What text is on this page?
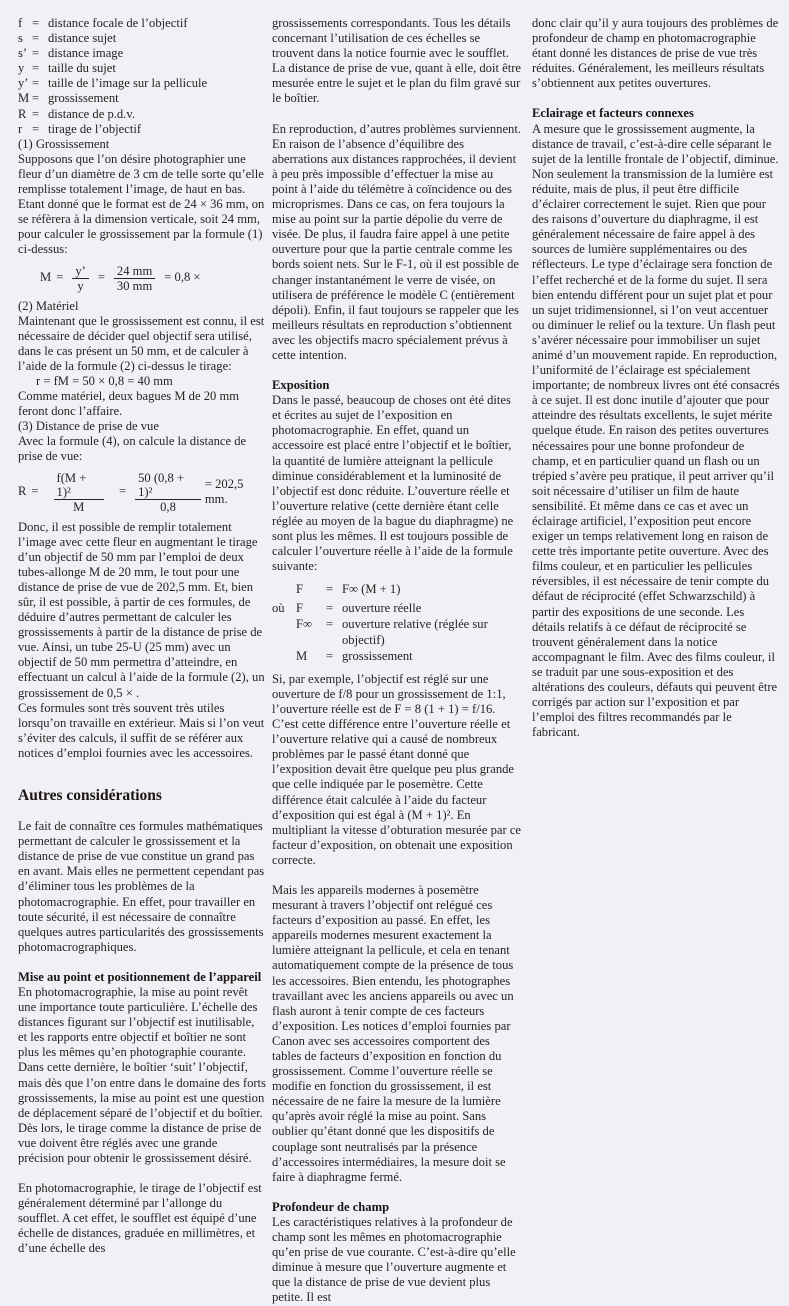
f = distance focale de l’objectif
s = distance sujet
s’ = distance image
y = taille du sujet
y’ = taille de l’image sur la pellicule
M = grossissement
R = distance de p.d.v.
r = tirage de l’objectif

(1) Grossissement

Supposons que l’on désire photographier une fleur d’un diamètre de 3 cm de telle sorte qu’elle remplisse totalement l’image, de haut en bas. Etant donné que le format est de 24 × 36 mm, on se réfèrera à la dimension verticale, soit 24 mm, pour calculer le grossissement par la formule (1) ci-dessus:

$M = \frac{y’}{y} = \frac{24 mm}{30 mm} = 0,8$ ×

(2) Matériel

Maintenant que le grossissement est connu, il est nécessaire de décider quel objectif sera utilisé, dans le cas présent un 50 mm, et de calculer à l’aide de la formule (2) ci-dessus le tirage:

r = fM = 50 × 0,8 = 40 mm

Comme matériel, deux bagues M de 20 mm feront donc l’affaire.

(3) Distance de prise de vue

Avec la formule (4), on calcule la distance de prise de vue:

$R = \frac{\text{f(M + 1)²}}{M} = \frac{\text{50 (0,8 + 1)²}}{0,8} = 202,5$ mm.

Donc, il est possible de remplir totalement l’image avec cette fleur en augmentant le tirage d’un objectif de 50 mm par l’emploi de deux tubes-allonge M de 20 mm, le tout pour une distance de prise de vue de 202,5 mm. Et, bien sûr, il est possible, à partir de ces formules, de déduire d’autres permettant de calculer les grossissements à partir de la distance de prise de vue. Ainsi, un tube 25-U (25 mm) avec un objectif de 50 mm permettra d’atteindre, en effectuant un calcul à l’aide de la formule (2), un grossissement de 0,5 × .

Ces formules sont très souvent très utiles lorsqu’on travaille en extérieur. Mais si l’on veut s’éviter des calculs, il suffit de se référer aux notices d’emploi fournies avec les accessoires.

Autres considérations

Le fait de connaître ces formules mathématiques permettant de calculer le grossissement et la distance de prise de vue constitue un grand pas en avant. Mais elles ne permettent cependant pas d’éliminer tous les problèmes de la photomacrographie. En effet, pour travailler en toute sécurité, il est nécessaire de connaître quelques autres particularités des grossissements photomacrographiques.

Mise au point et positionnement de l’appareil

En photomacrographie, la mise au point revêt une importance toute particulière. L’échelle des distances figurant sur l’objectif est inutilisable, et les rapports entre objectif et boîtier ne sont plus les mêmes qu’en photographie courante. Dans cette dernière, le boîtier ‘suit’ l’objectif, mais dès que l’on entre dans le domaine des forts grossissements, la mise au point est une question de déplacement séparé de l’objectif et du boîtier. Dès lors, le tirage comme la distance de prise de vue doivent être réglés avec une grande précision pour obtenir le grossissement désiré.

En photomacrographie, le tirage de l’objectif est généralement déterminé par l’allonge du soufflet. A cet effet, le soufflet est équipé d’une échelle de distances, graduée en millimètres, et d’une échelle des

grossissements correspondants. Tous les détails concernant l’utilisation de ces échelles se trouvent dans la notice fournie avec le soufflet. La distance de prise de vue, quant à elle, doit être mesurée entre le sujet et le plan du film gravé sur le boîtier.

En reproduction, d’autres problèmes surviennent. En raison de l’absence d’équilibre des aberrations aux distances rapprochées, il devient à peu près impossible d’effectuer la mise au point à l’aide du télémètre à coïncidence ou des microprismes. Dans ce cas, on fera toujours la mise au point sur la partie dépolie du verre de visée. De plus, il faudra faire appel à une petite ouverture pour que la partie centrale comme les bords soient nets. Sur le F-1, où il est possible de changer instantanément le verre de visée, on utilisera de préférence le modèle C (entièrement dépoli). Enfin, il faut toujours se rappeler que les meilleurs résultats en reproduction s’obtiennent avec les objectifs macro spécialement prévus à cette intention.

Exposition

Dans le passé, beaucoup de choses ont été dites et écrites au sujet de l’exposition en photomacrographie. En effet, quand un accessoire est placé entre l’objectif et le boîtier, la quantité de lumière atteignant la pellicule diminue considérablement et la luminosité de l’objectif est donc réduite. L’ouverture réelle et l’ouverture relative (cette dernière étant celle réglée au moyen de la bague du diaphragme) ne sont plus les mêmes. Il est toujours possible de calculer l’ouverture réelle à l’aide de la formule suivante:

F	= F∞ (M + 1)
où F	= ouverture réelle
F∞	= ouverture relative (réglée sur objectif)
M	= grossissement

Si, par exemple, l’objectif est réglé sur une ouverture de f/8 pour un grossissement de 1:1, l’ouverture réelle est de F = 8 (1 + 1) = f/16.

C’est cette différence entre l’ouverture réelle et l’ouverture relative qui a causé de nombreux problèmes par le passé étant donné que l’exposition devait être quelque peu plus grande que celle indiquée par le posemètre. Cette différence était calculée à l’aide du facteur d’exposition qui est égal à (M + 1)². En multipliant la vitesse d’obturation mesurée par ce facteur d’exposition, on obtenait une exposition correcte.

Mais les appareils modernes à posemètre mesurant à travers l’objectif ont relégué ces facteurs d’exposition au passé. En effet, les appareils modernes mesurent exactement la lumière atteignant la pellicule, et cela en tenant automatiquement compte de la présence de tous les accessoires. Bien entendu, les photographes travaillant avec les anciens appareils ou avec un flash auront à tenir compte de ces facteurs d’exposition. Les notices d’emploi fournies par Canon avec ses accessoires comportent des tables de facteurs d’exposition en fonction du grossissement. Comme l’ouverture réelle se modifie en fonction du grossissement, il est nécessaire de ne faire la mesure de la lumière qu’après avoir réglé la mise au point. Sans oublier qu’étant donné que les dispositifs de couplage sont neutralisés par la présence d’accessoires intermédiaires, la mesure doit se faire à diaphragme fermé.

Profondeur de champ

Les caractéristiques relatives à la profondeur de champ sont les mêmes en photomacrographie qu’en prise de vue courante. C’est-à-dire qu’elle diminue à mesure que l’ouverture augmente et que la distance de prise de vue devient plus petite. Il est

donc clair qu’il y aura toujours des problèmes de profondeur de champ en photomacrographie étant donné les distances de prise de vue très réduites. Généralement, les meilleurs résultats s’obtiennent aux petites ouvertures.

Eclairage et facteurs connexes

A mesure que le grossissement augmente, la distance de travail, c’est-à-dire celle séparant le sujet de la lentille frontale de l’objectif, diminue. Non seulement la transmission de la lumière est réduite, mais de plus, il peut être difficile d’éclairer correctement le sujet. Rien que pour des raisons d’ouverture du diaphragme, il est généralement nécessaire de faire appel à des sources de lumière supplémentaires ou des réflecteurs. Le type d’éclairage sera fonction de l’effet recherché et de la forme du sujet. Il sera bien entendu différent pour un sujet plat et pour un sujet tridimensionnel, si l’on veut accentuer ou diminuer le relief ou la texture. Un flash peut s’avérer nécessaire pour immobiliser un sujet animé d’un mouvement rapide. En reproduction, l’uniformité de l’éclairage est spécialement importante; de nombreux livres ont été consacrés à ce sujet. Il est donc inutile d’ajouter que pour atteindre des résultats excellents, le sujet mérite quelque étude. En raison des petites ouvertures nécessaires pour une bonne profondeur de champ, et en particulier quand un flash ou un trépied s’avère peu pratique, il peut arriver qu’il soit nécessaire d’utiliser un film de haute sensibilité. Et même dans ce cas et avec un éclairage artificiel, l’exposition peut encore exiger un temps relativement long en raison de cette très importante petite ouverture. Avec des films couleur, et en particulier les pellicules réversibles, il est nécessaire de tenir compte du défaut de réciprocité (effet Schwarzschild) à partir des expositions de une seconde. Les détails relatifs à ce défaut de réciprocité se trouvent généralement dans la notice accompagnant le film. Avec des films couleur, il se traduit par une sous-exposition et des altérations des couleurs, défauts qui peuvent être corrigés par action sur l’exposition et par l’emploi des filtres recommandés par le fabricant.
